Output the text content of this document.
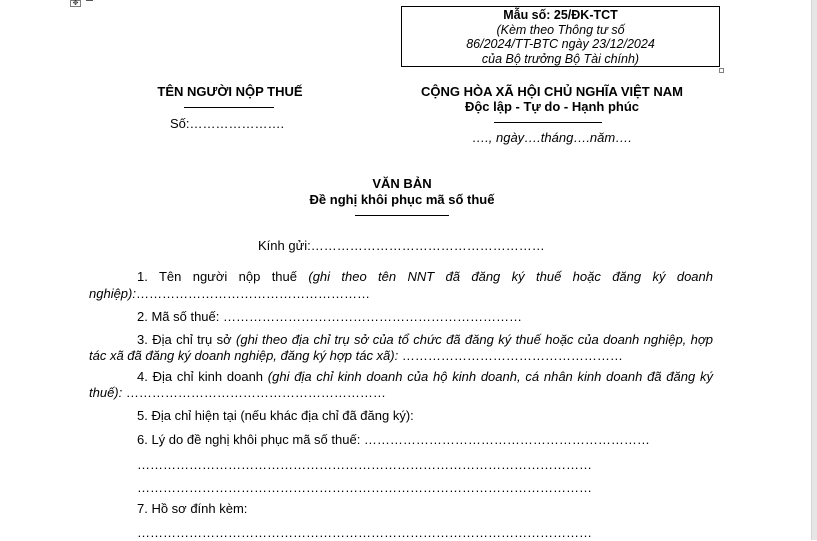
✥
Mẫu số: 25/ĐK-TCT
(Kèm theo Thông tư số
86/2024/TT-BTC ngày 23/12/2024
của Bộ trưởng Bộ Tài chính)
TÊN NGƯỜI NỘP THUẾ
Số:………………….
CỘNG HÒA XÃ HỘI CHỦ NGHĨA VIỆT NAM
Độc lập - Tự do - Hạnh phúc
…., ngày….tháng….năm….
VĂN BẢN
Đề nghị khôi phục mã số thuế
Kính gửi:………………………………………………
1. Tên người nộp thuế (ghi theo tên NNT đã đăng ký thuế hoặc đăng ký doanh
nghiệp):………………………………………………
2. Mã số thuế: ……………………………………………………………
3. Địa chỉ trụ sở (ghi theo địa chỉ trụ sở của tổ chức đã đăng ký thuế hoặc của doanh nghiệp, hợp
tác xã đã đăng ký doanh nghiệp, đăng ký hợp tác xã): ……………………………………………
4. Địa chỉ kinh doanh (ghi địa chỉ kinh doanh của hộ kinh doanh, cá nhân kinh doanh đã đăng ký
thuế): ……………………………………………………
5. Địa chỉ hiện tại (nếu khác địa chỉ đã đăng ký):
6. Lý do đề nghị khôi phục mã số thuế: …………………………………………………………
……………………………………………………………………………………………
……………………………………………………………………………………………
7. Hồ sơ đính kèm:
……………………………………………………………………………………………
